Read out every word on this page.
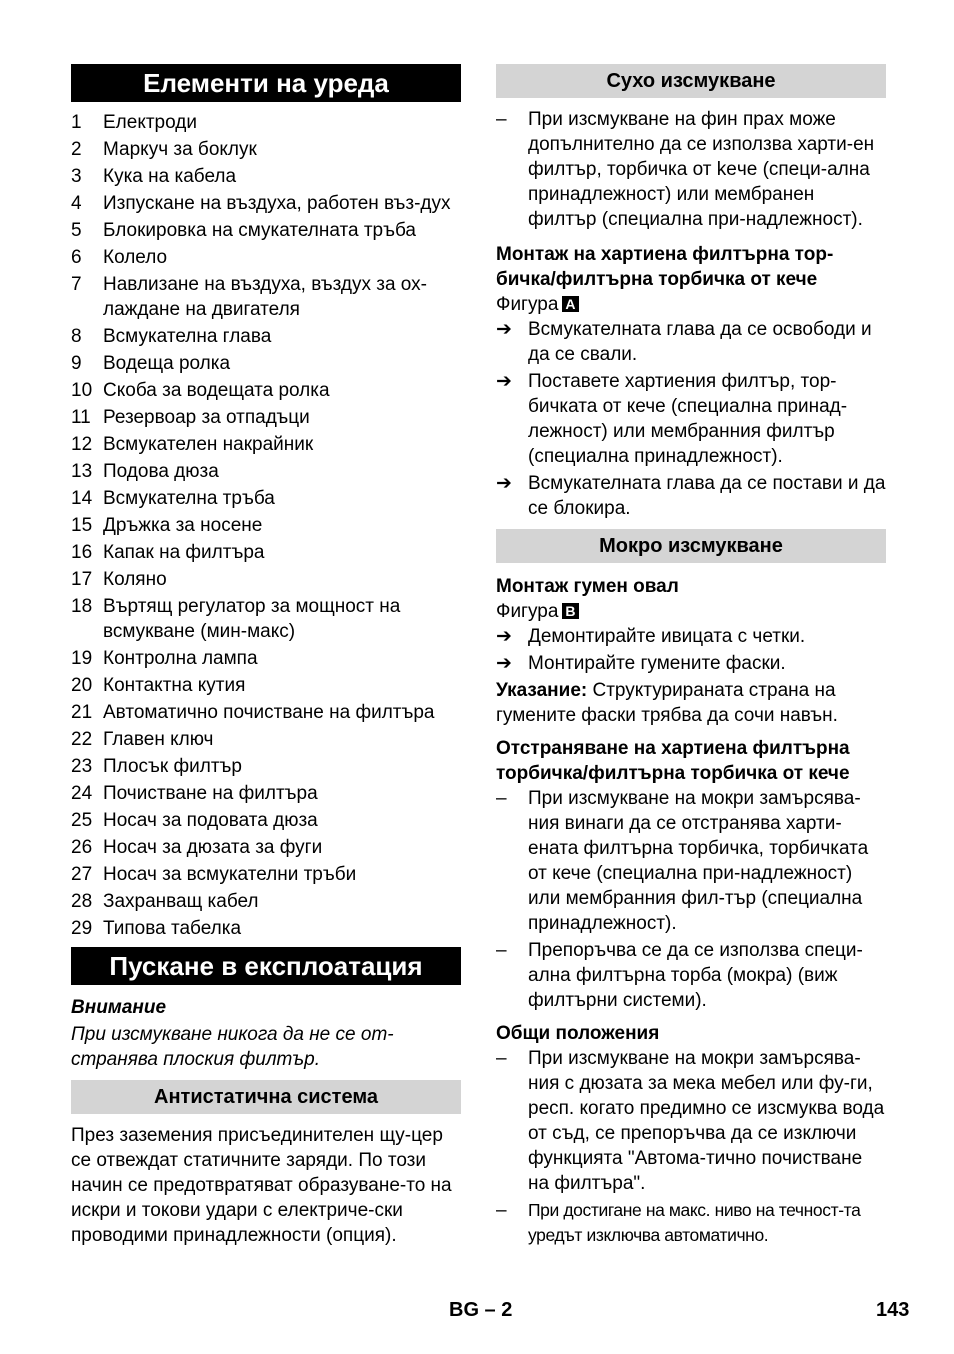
Елементи на уреда
1	Електроди
2	Маркуч за боклук
3	Кука на кабела
4	Изпускане на въздуха, работен въз-дух
5	Блокировка на смукателната тръба
6	Колело
7	Навлизане на въздуха, въздух за ох-лаждане на двигателя
8	Всмукателна глава
9	Водеща ролка
10 Скоба за водещата ролка
11 Резервоар за отпадъци
12 Всмукателен накрайник
13 Подова дюза
14 Всмукателна тръба
15 Дръжка за носене
16 Капак на филтъра
17 Коляно
18 Въртящ регулатор за мощност на всмукване (мин-макс)
19 Контролна лампа
20 Контактна кутия
21 Автоматично почистване на филтъра
22 Главен ключ
23 Плосък филтър
24 Почистване на филтъра
25 Носач за подовата дюза
26 Носач за дюзата за фуги
27 Носач за всмукателни тръби
28 Захранващ кабел
29 Типова табелка
Пускане в експлоатация

Внимание

При изсмукване никога да не се от-странява плоския филтър.

Антистатична система

През заземения присъединителен щу-цер се отвеждат статичните заряди. По този начин се предотвратяват образуване-то на искри и токови удари с електриче-ски проводими принадлежности (опция).

Сухо изсмукване
–	При изсмукване на фин прах може допълнително да се използва харти-ен филтър, торбичка от keче (специ-ална принадлежност) или мембранен филтър (специална при-надлежност).

Монтаж на хартиена филтърна тор-бичка/филтърна торбичка от кече

Фигура A

➔ Всмукателната глава да се освободи и да се свали.
➔ Поставете хартиения филтър, тор-бичката от кече (специална принад-лежност) или мембранния филтър (специална принадлежност).
➔ Всмукателната глава да се постави и да се блокира.
Мокро изсмукване

Монтаж гумен овал

Фигура B

➔ Демонтирайте ивицата с четки.
➔ Монтирайте гумените фаски.

Указание: Структурираната страна на гумените фаски трябва да сочи навън.

Отстраняване на хартиена филтърна торбичка/филтърна торбичка от кече

–	При изсмукване на мокри замърсява-ния винаги да се отстранява харти-ената филтърна торбичка, торбичката от кече (специална при-надлежност) или мембранния фил-тър (специална принадлежност).
–	Препоръчва се да се използва специ-ална филтърна торба (мокра) (виж филтърни системи).

Общи положения

–	При изсмукване на мокри замърсява-ния с дюзата за мека мебел или фу-ги, респ. когато предимно се изсмуква вода от съд, се препоръчва да се изключи функцията "Автома-тично почистване на филтъра".
–	При достигане на макс. ниво на течност-та уредът изключва автоматично.
BG – 2	143
